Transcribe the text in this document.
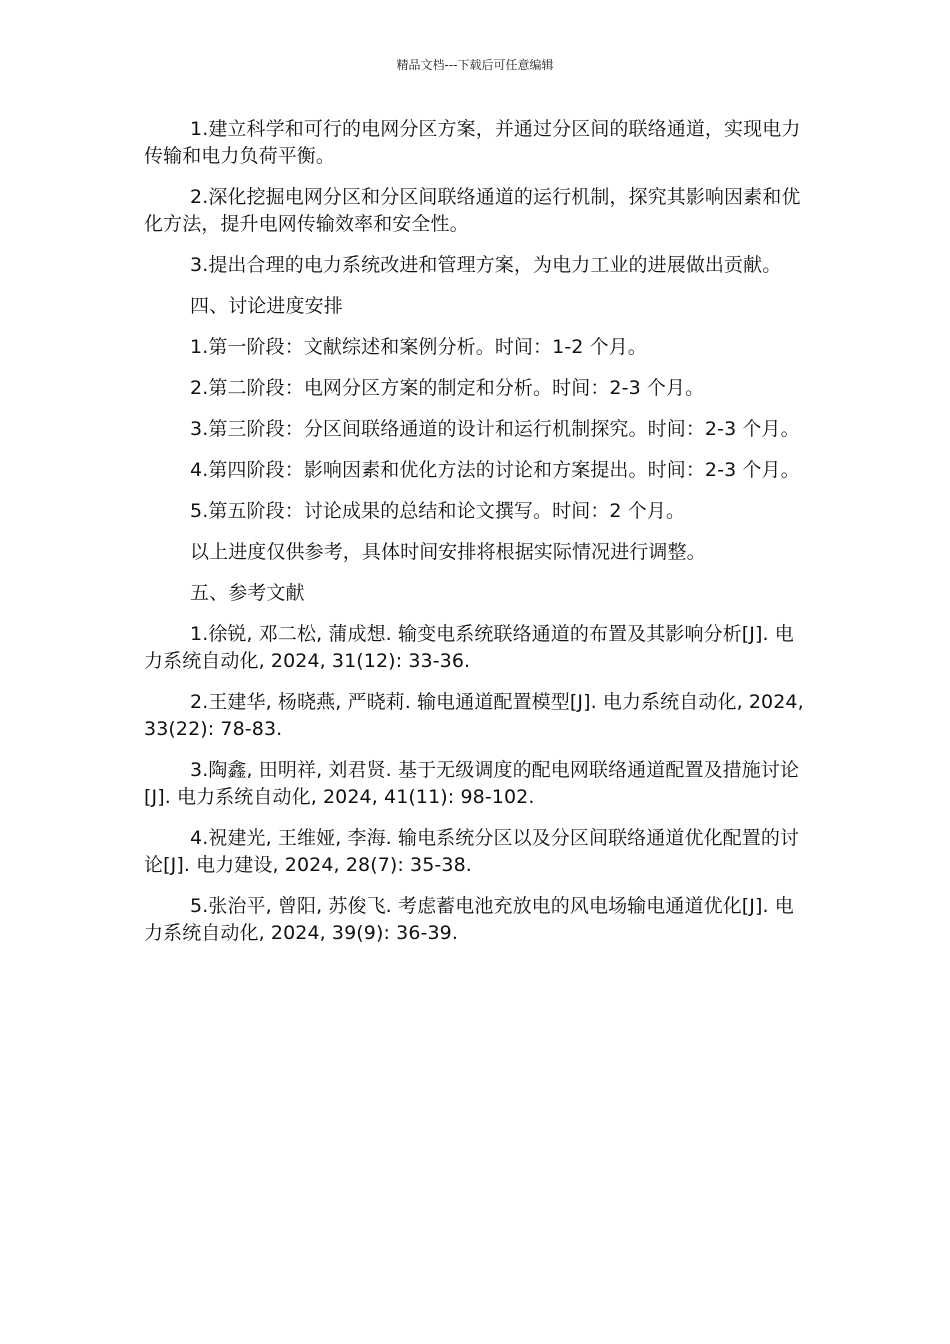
精品文档---下载后可任意编辑

1.建立科学和可行的电网分区方案，并通过分区间的联络通道，实现电力传输和电力负荷平衡。

2.深化挖掘电网分区和分区间联络通道的运行机制，探究其影响因素和优化方法，提升电网传输效率和安全性。

3.提出合理的电力系统改进和管理方案，为电力工业的进展做出贡献。

四、讨论进度安排

1.第一阶段：文献综述和案例分析。时间：1-2 个月。

2.第二阶段：电网分区方案的制定和分析。时间：2-3 个月。

3.第三阶段：分区间联络通道的设计和运行机制探究。时间：2-3 个月。

4.第四阶段：影响因素和优化方法的讨论和方案提出。时间：2-3 个月。

5.第五阶段：讨论成果的总结和论文撰写。时间：2 个月。

以上进度仅供参考，具体时间安排将根据实际情况进行调整。

五、参考文献

1.徐锐, 邓二松, 蒲成想. 输变电系统联络通道的布置及其影响分析[J]. 电力系统自动化, 2024, 31(12): 33-36.

2.王建华, 杨晓燕, 严晓莉. 输电通道配置模型[J]. 电力系统自动化, 2024, 33(22): 78-83.

3.陶鑫, 田明祥, 刘君贤. 基于无级调度的配电网联络通道配置及措施讨论[J]. 电力系统自动化, 2024, 41(11): 98-102.

4.祝建光, 王维娅, 李海. 输电系统分区以及分区间联络通道优化配置的讨论[J]. 电力建设, 2024, 28(7): 35-38.

5.张治平, 曾阳, 苏俊飞. 考虑蓄电池充放电的风电场输电通道优化[J]. 电力系统自动化, 2024, 39(9): 36-39.
